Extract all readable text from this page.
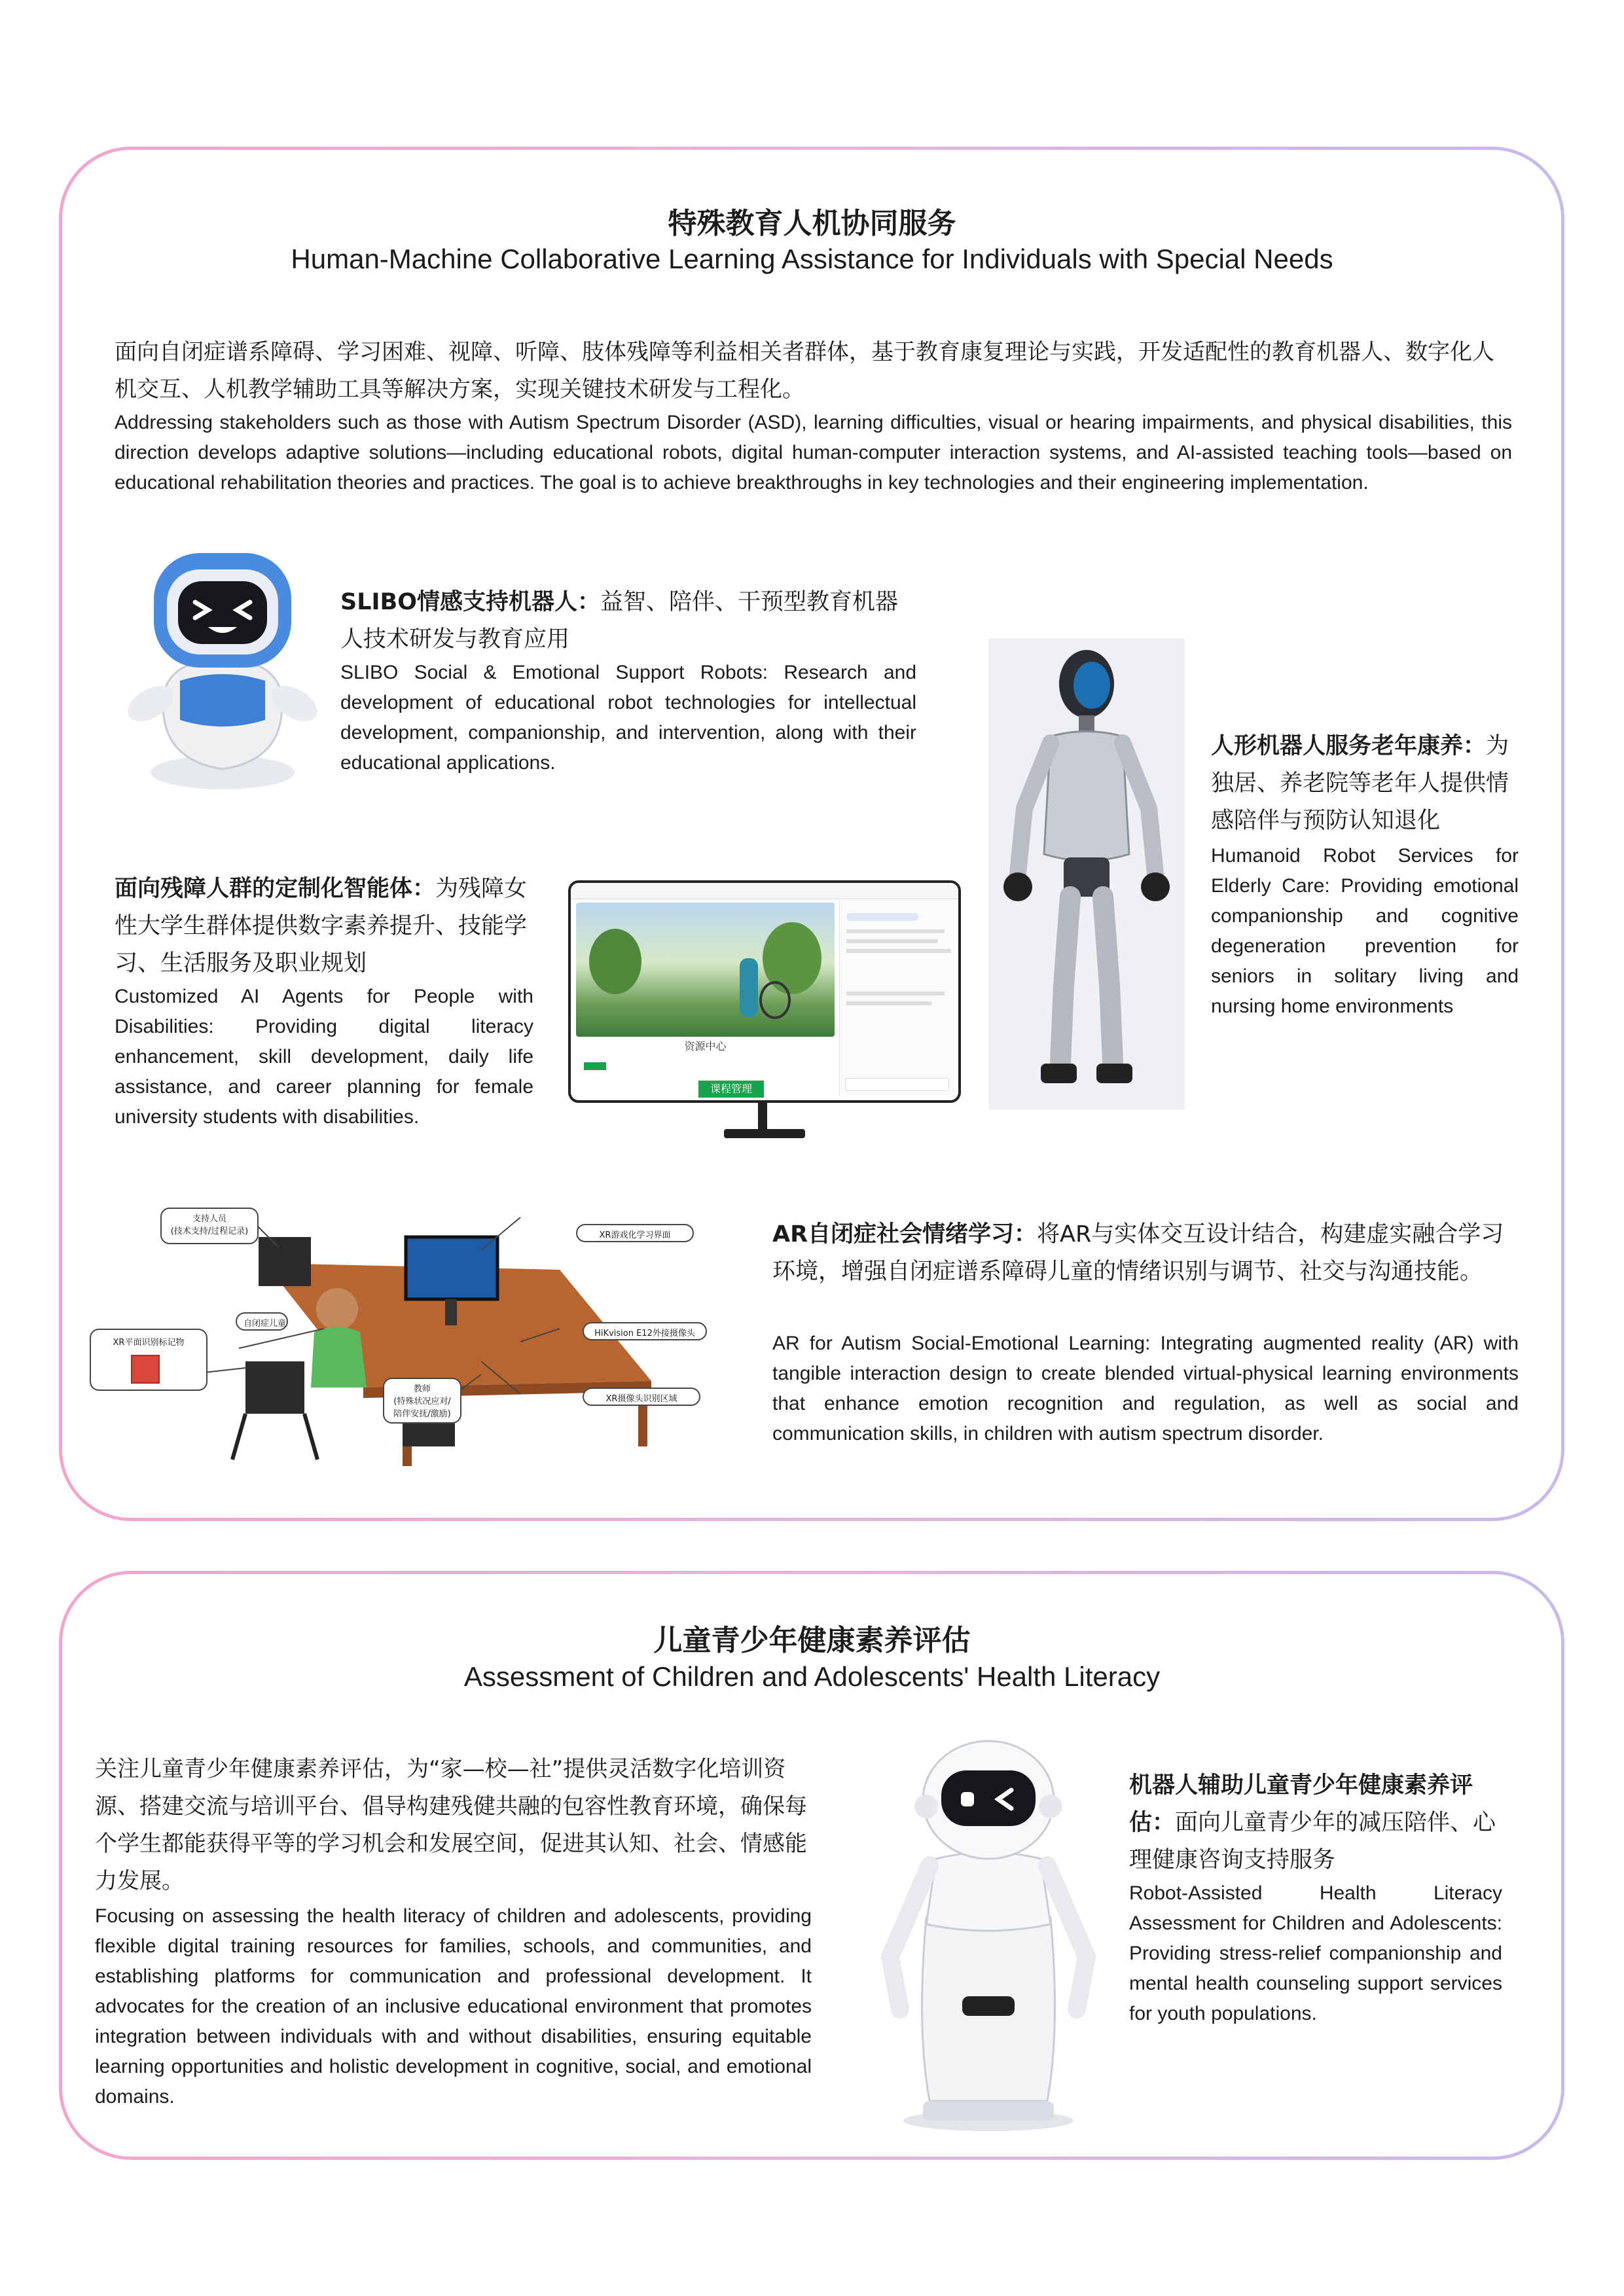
特殊教育人机协同服务
Human-Machine Collaborative Learning Assistance for Individuals with Special Needs
面向自闭症谱系障碍、学习困难、视障、听障、肢体残障等利益相关者群体，基于教育康复理论与实践，开发适配性的教育机器人、数字化人机交互、人机教学辅助工具等解决方案，实现关键技术研发与工程化。
Addressing stakeholders such as those with Autism Spectrum Disorder (ASD), learning difficulties, visual or hearing impairments, and physical disabilities, this direction develops adaptive solutions—including educational robots, digital human-computer interaction systems, and AI-assisted teaching tools—based on educational rehabilitation theories and practices. The goal is to achieve breakthroughs in key technologies and their engineering implementation.
SLIBO情感支持机器人：益智、陪伴、干预型教育机器人技术研发与教育应用
SLIBO Social & Emotional Support Robots: Research and development of educational robot technologies for intellectual development, companionship, and intervention, along with their educational applications.
人形机器人服务老年康养：为独居、养老院等老年人提供情感陪伴与预防认知退化
Humanoid Robot Services for Elderly Care: Providing emotional companionship and cognitive degeneration prevention for seniors in solitary living and nursing home environments
面向残障人群的定制化智能体：为残障女性大学生群体提供数字素养提升、技能学习、生活服务及职业规划
Customized AI Agents for People with Disabilities: Providing digital literacy enhancement, skill development, daily life assistance, and career planning for female university students with disabilities.
资源中心
课程管理
支持人员
(技术支持/过程记录)	XR游戏化学习界面
自闭症儿童
XR平面识别标记物
HiKvision E12外接摄像头
教师
(特殊状况应对/
陪伴安抚/激励)
XR摄像头识别区域
AR自闭症社会情绪学习：将AR与实体交互设计结合，构建虚实融合学习环境，增强自闭症谱系障碍儿童的情绪识别与调节、社交与沟通技能。
AR for Autism Social-Emotional Learning: Integrating augmented reality (AR) with tangible interaction design to create blended virtual-physical learning environments that enhance emotion recognition and regulation, as well as social and communication skills, in children with autism spectrum disorder.
儿童青少年健康素养评估
Assessment of Children and Adolescents' Health Literacy
关注儿童青少年健康素养评估，为“家—校—社”提供灵活数字化培训资源、搭建交流与培训平台、倡导构建残健共融的包容性教育环境，确保每个学生都能获得平等的学习机会和发展空间，促进其认知、社会、情感能力发展。
Focusing on assessing the health literacy of children and adolescents, providing flexible digital training resources for families, schools, and communities, and establishing platforms for communication and professional development. It advocates for the creation of an inclusive educational environment that promotes integration between individuals with and without disabilities, ensuring equitable learning opportunities and holistic development in cognitive, social, and emotional domains.
机器人辅助儿童青少年健康素养评估：面向儿童青少年的减压陪伴、心理健康咨询支持服务
Robot-Assisted Health Literacy Assessment for Children and Adolescents: Providing stress-relief companionship and mental health counseling support services for youth populations.
